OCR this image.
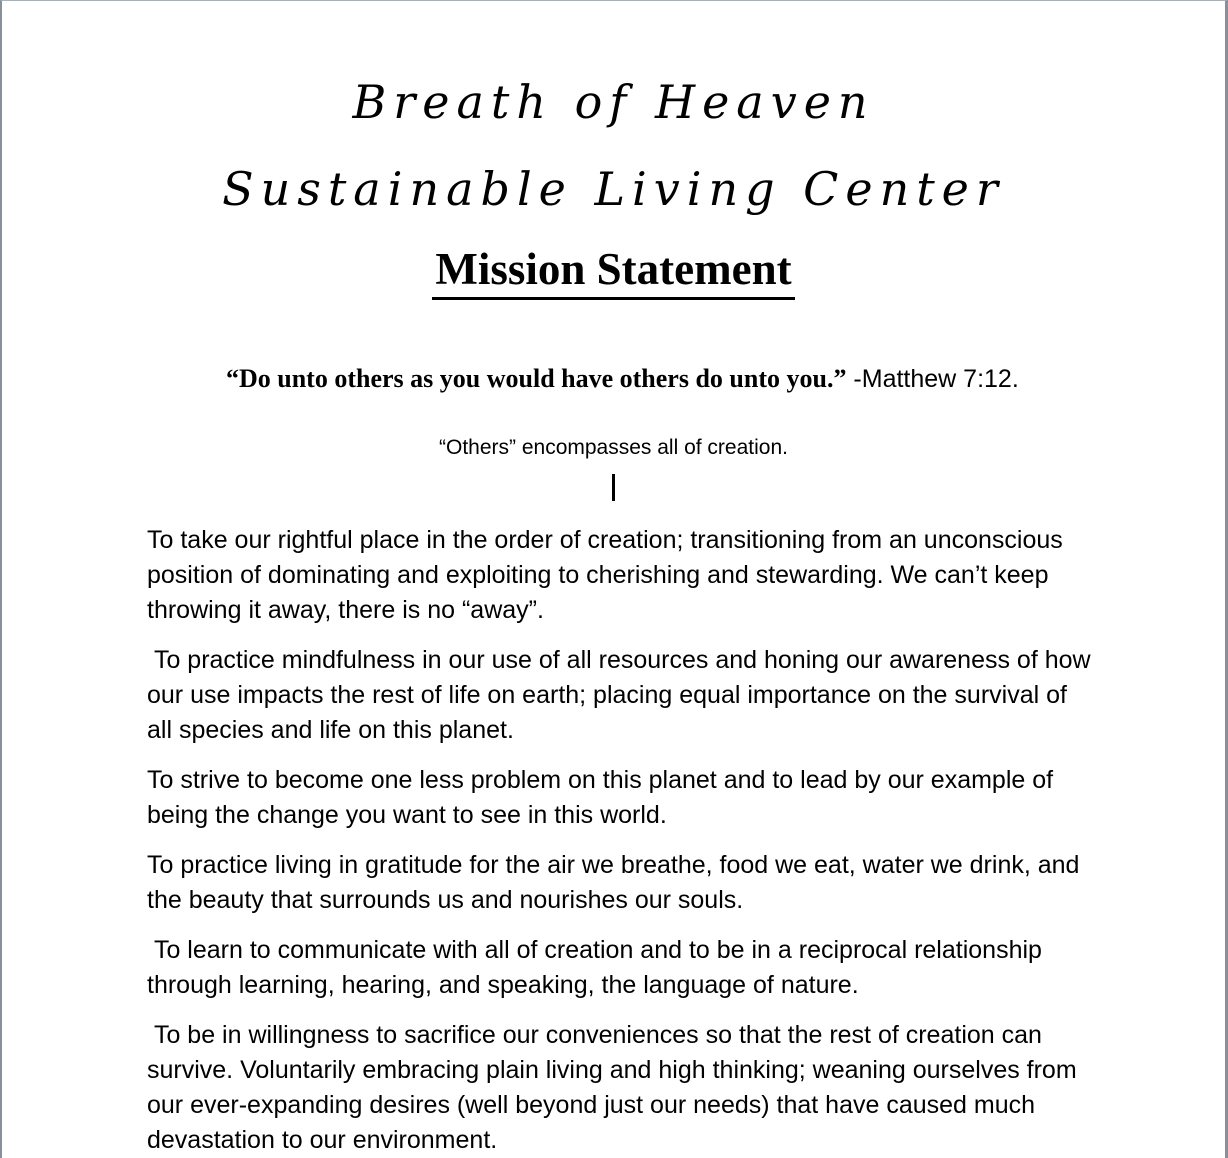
Breath of Heaven
Sustainable Living Center
Mission Statement

“Do unto others as you would have others do unto you.” -Matthew 7:12.

“Others” encompasses all of creation.

To take our rightful place in the order of creation; transitioning from an unconscious position of dominating and exploiting to cherishing and stewarding. We can’t keep throwing it away, there is no “away”.

To practice mindfulness in our use of all resources and honing our awareness of how our use impacts the rest of life on earth; placing equal importance on the survival of all species and life on this planet.

To strive to become one less problem on this planet and to lead by our example of being the change you want to see in this world.

To practice living in gratitude for the air we breathe, food we eat, water we drink, and the beauty that surrounds us and nourishes our souls.

To learn to communicate with all of creation and to be in a reciprocal relationship through learning, hearing, and speaking, the language of nature.

To be in willingness to sacrifice our conveniences so that the rest of creation can survive. Voluntarily embracing plain living and high thinking; weaning ourselves from our ever-expanding desires (well beyond just our needs) that have caused much devastation to our environment.
